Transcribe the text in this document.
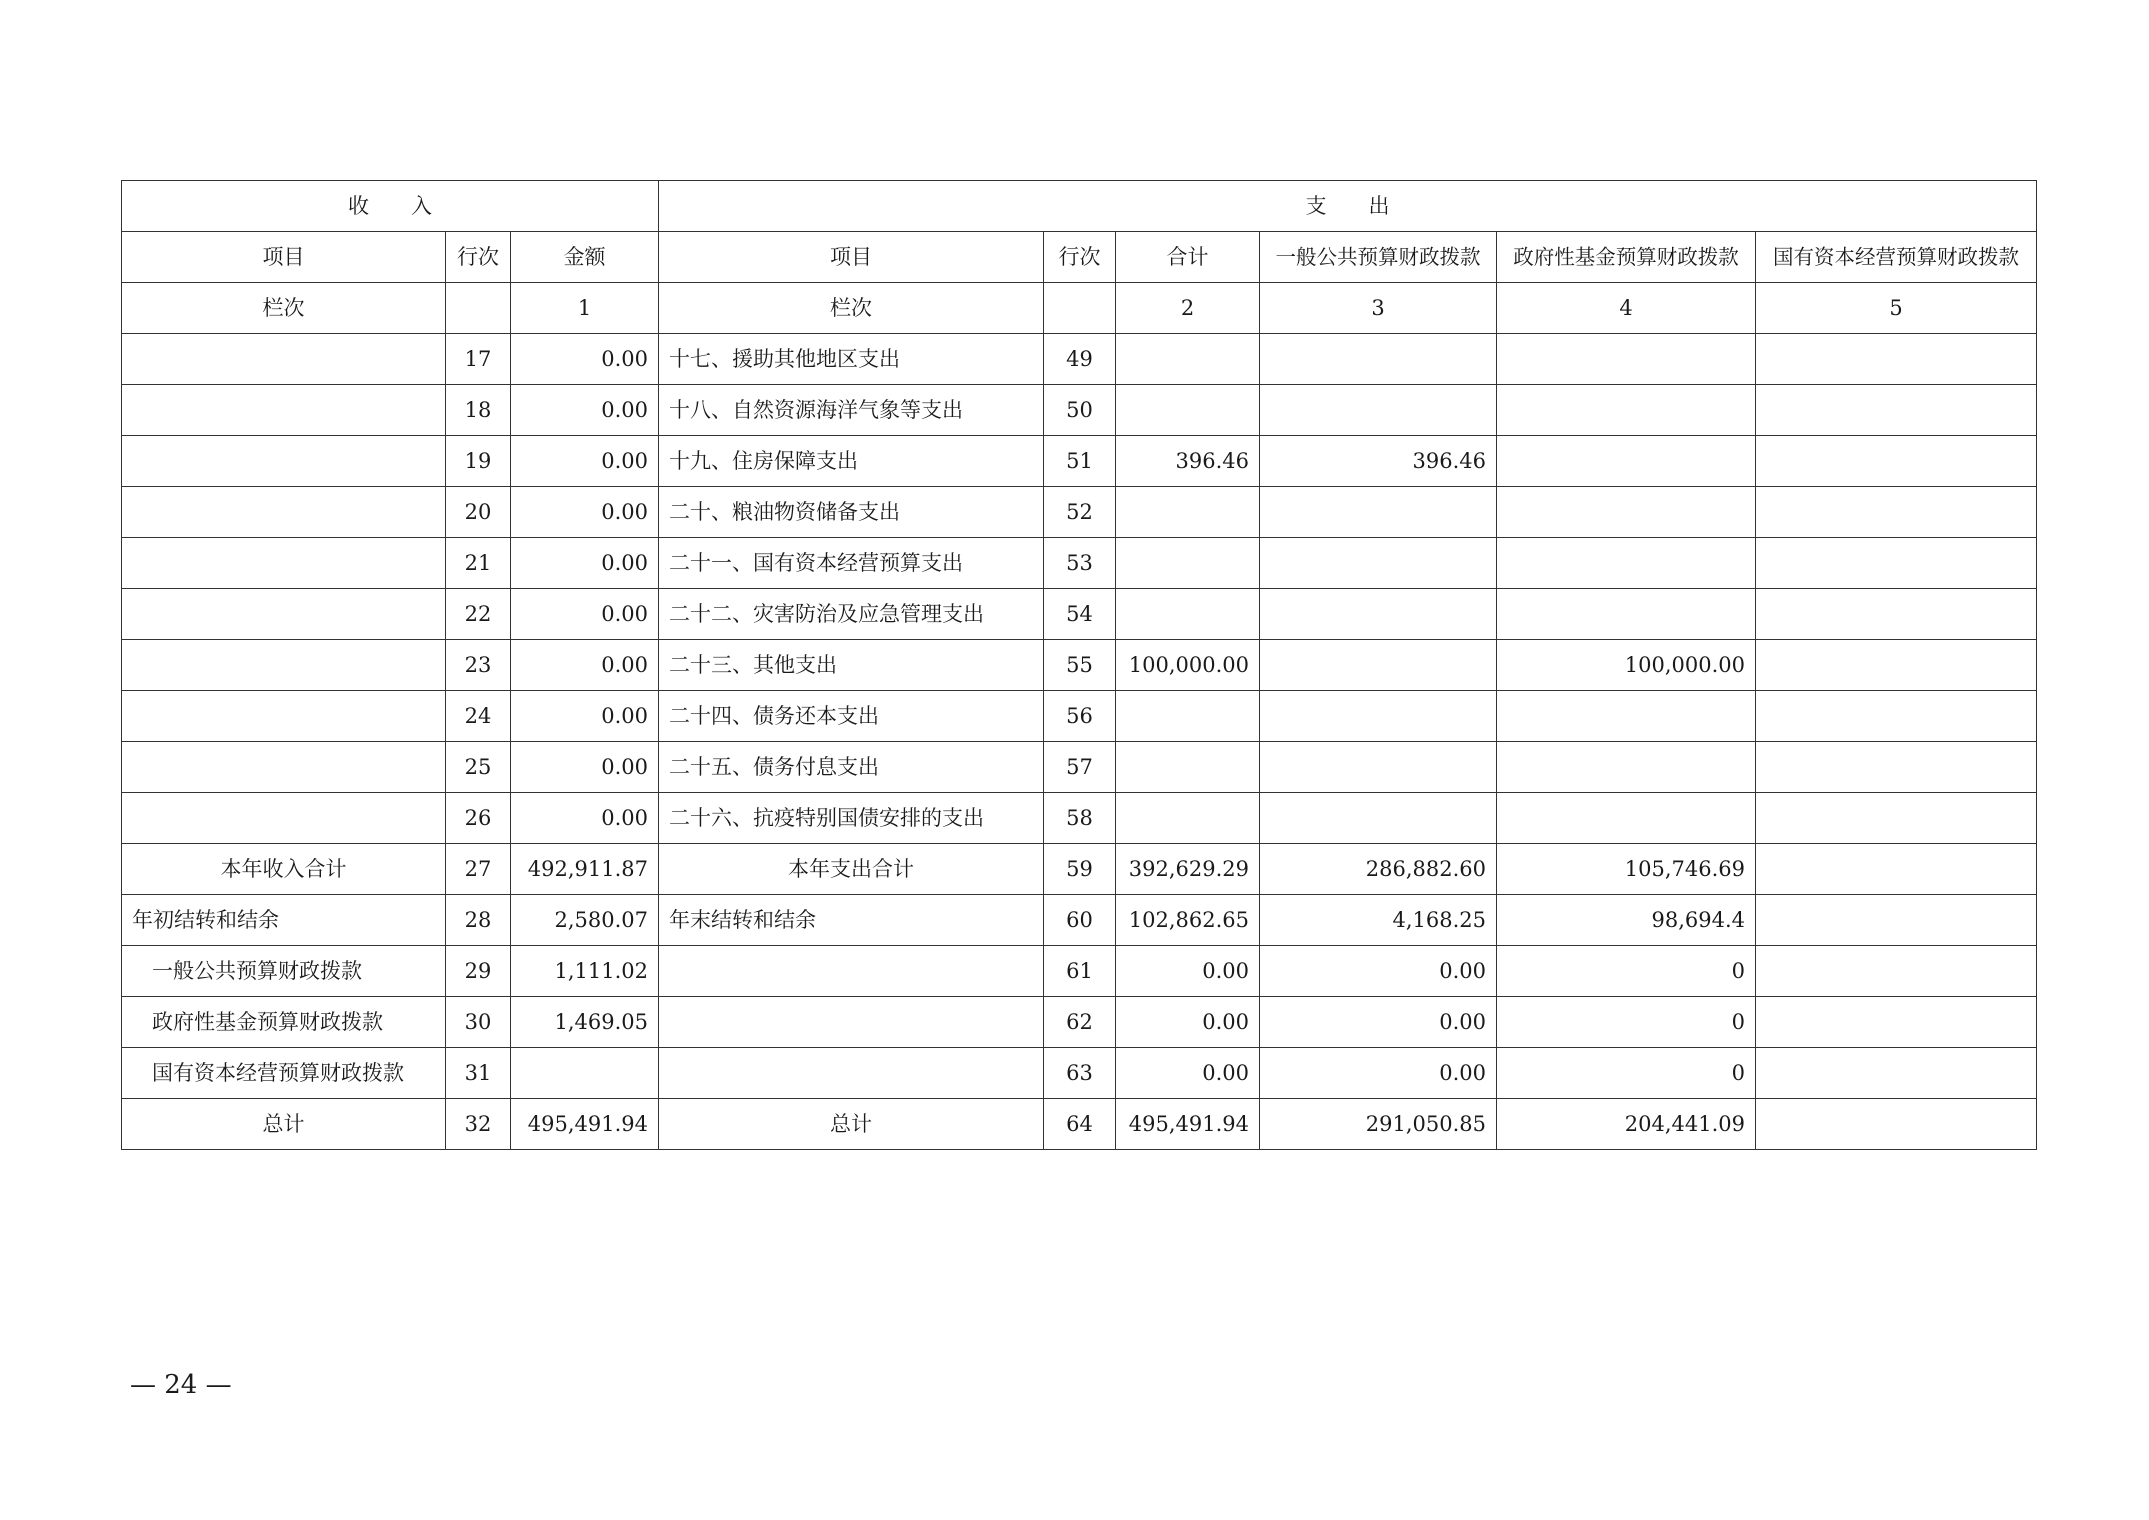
收　　入			支　　出					
项目	行次	金额	项目	行次	合计	一般公共预算财政拨款	政府性基金预算财政拨款	国有资本经营预算财政拨款
栏次		1	栏次		2	3	4	5
	17	0.00	十七、援助其他地区支出	49				
	18	0.00	十八、自然资源海洋气象等支出	50				
	19	0.00	十九、住房保障支出	51	396.46	396.46		
	20	0.00	二十、粮油物资储备支出	52				
	21	0.00	二十一、国有资本经营预算支出	53				
	22	0.00	二十二、灾害防治及应急管理支出	54				
	23	0.00	二十三、其他支出	55	100,000.00		100,000.00	
	24	0.00	二十四、债务还本支出	56				
	25	0.00	二十五、债务付息支出	57				
	26	0.00	二十六、抗疫特别国债安排的支出	58				
本年收入合计	27	492,911.87	本年支出合计	59	392,629.29	286,882.60	105,746.69	
年初结转和结余	28	2,580.07	年末结转和结余	60	102,862.65	4,168.25	98,694.4	
一般公共预算财政拨款	29	1,111.02		61	0.00	0.00	0	
政府性基金预算财政拨款	30	1,469.05		62	0.00	0.00	0	
国有资本经营预算财政拨款	31			63	0.00	0.00	0	
总计	32	495,491.94	总计	64	495,491.94	291,050.85	204,441.09	
— 24 —
